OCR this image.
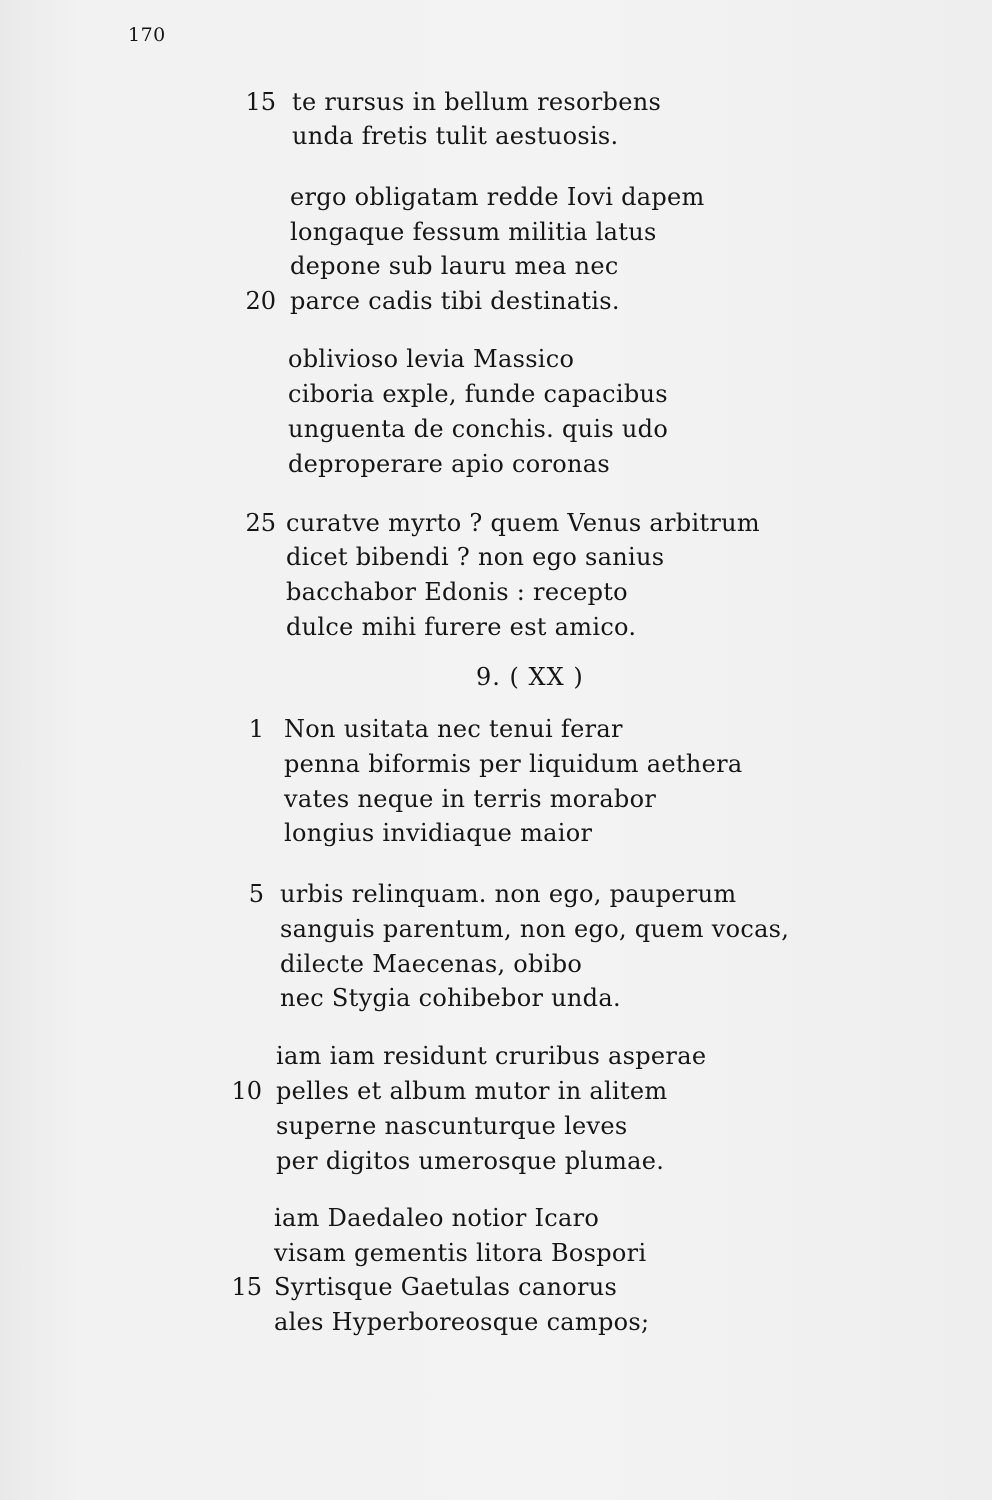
170
15
20
25
1
5
10
15
te rursus in bellum resorbens
unda fretis tulit aestuosis.
ergo obligatam redde Iovi dapem
longaque fessum militia latus
depone sub lauru mea nec
parce cadis tibi destinatis.
oblivioso levia Massico
ciboria exple, funde capacibus
unguenta de conchis. quis udo
deproperare apio coronas
curatve myrto ? quem Venus arbitrum
dicet bibendi ? non ego sanius
bacchabor Edonis : recepto
dulce mihi furere est amico.
9. ( XX )
Non usitata nec tenui ferar
penna biformis per liquidum aethera
vates neque in terris morabor
longius invidiaque maior
urbis relinquam. non ego, pauperum
sanguis parentum, non ego, quem vocas,
dilecte Maecenas, obibo
nec Stygia cohibebor unda.
iam iam residunt cruribus asperae
pelles et album mutor in alitem
superne nascunturque leves
per digitos umerosque plumae.
iam Daedaleo notior Icaro
visam gementis litora Bospori
Syrtisque Gaetulas canorus
ales Hyperboreosque campos;
